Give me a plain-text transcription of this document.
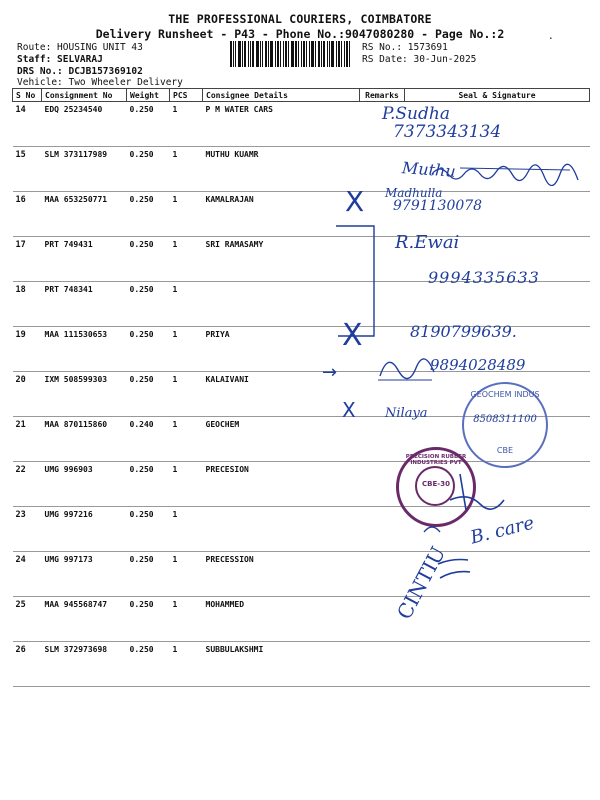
THE PROFESSIONAL COURIERS, COIMBATORE
Delivery Runsheet - P43 - Phone No.:9047080280 - Page No.:2	.
Route: HOUSING UNIT 43
Staff: SELVARAJ
DRS No.: DCJB157369102
Vehicle: Two Wheeler Delivery
RS No.: 1573691
RS Date: 30-Jun-2025
S No	Consignment No	Weight	PCS	Consignee Details	Remarks	Seal & Signature
14	EDQ 25234540	0.250	1	P M WATER CARS		
15	SLM 373117989	0.250	1	MUTHU KUAMR		
16	MAA 653250771	0.250	1	KAMALRAJAN		
17	PRT 749431	0.250	1	SRI RAMASAMY		
18	PRT 748341	0.250	1			
19	MAA 111530653	0.250	1	PRIYA		
20	IXM 508599303	0.250	1	KALAIVANI		
21	MAA 870115860	0.240	1	GEOCHEM		
22	UMG 996903	0.250	1	PRECESION		
23	UMG 997216	0.250	1			
24	UMG 997173	0.250	1	PRECESSION		
25	MAA 945568747	0.250	1	MOHAMMED		
26	SLM 372973698	0.250	1	SUBBULAKSHMI		
P.Sudha
7373343134
Muthu
X Madhulla
9791130078
R.Ewai
9994335633
X	8190799639.
→	9894028489
X Nilaya
GEOCHEM INDUS
8508311100
CBE
PRECISION RUBBER INDUSTRIES PVT
CBE-30
B. care
CINTIU
